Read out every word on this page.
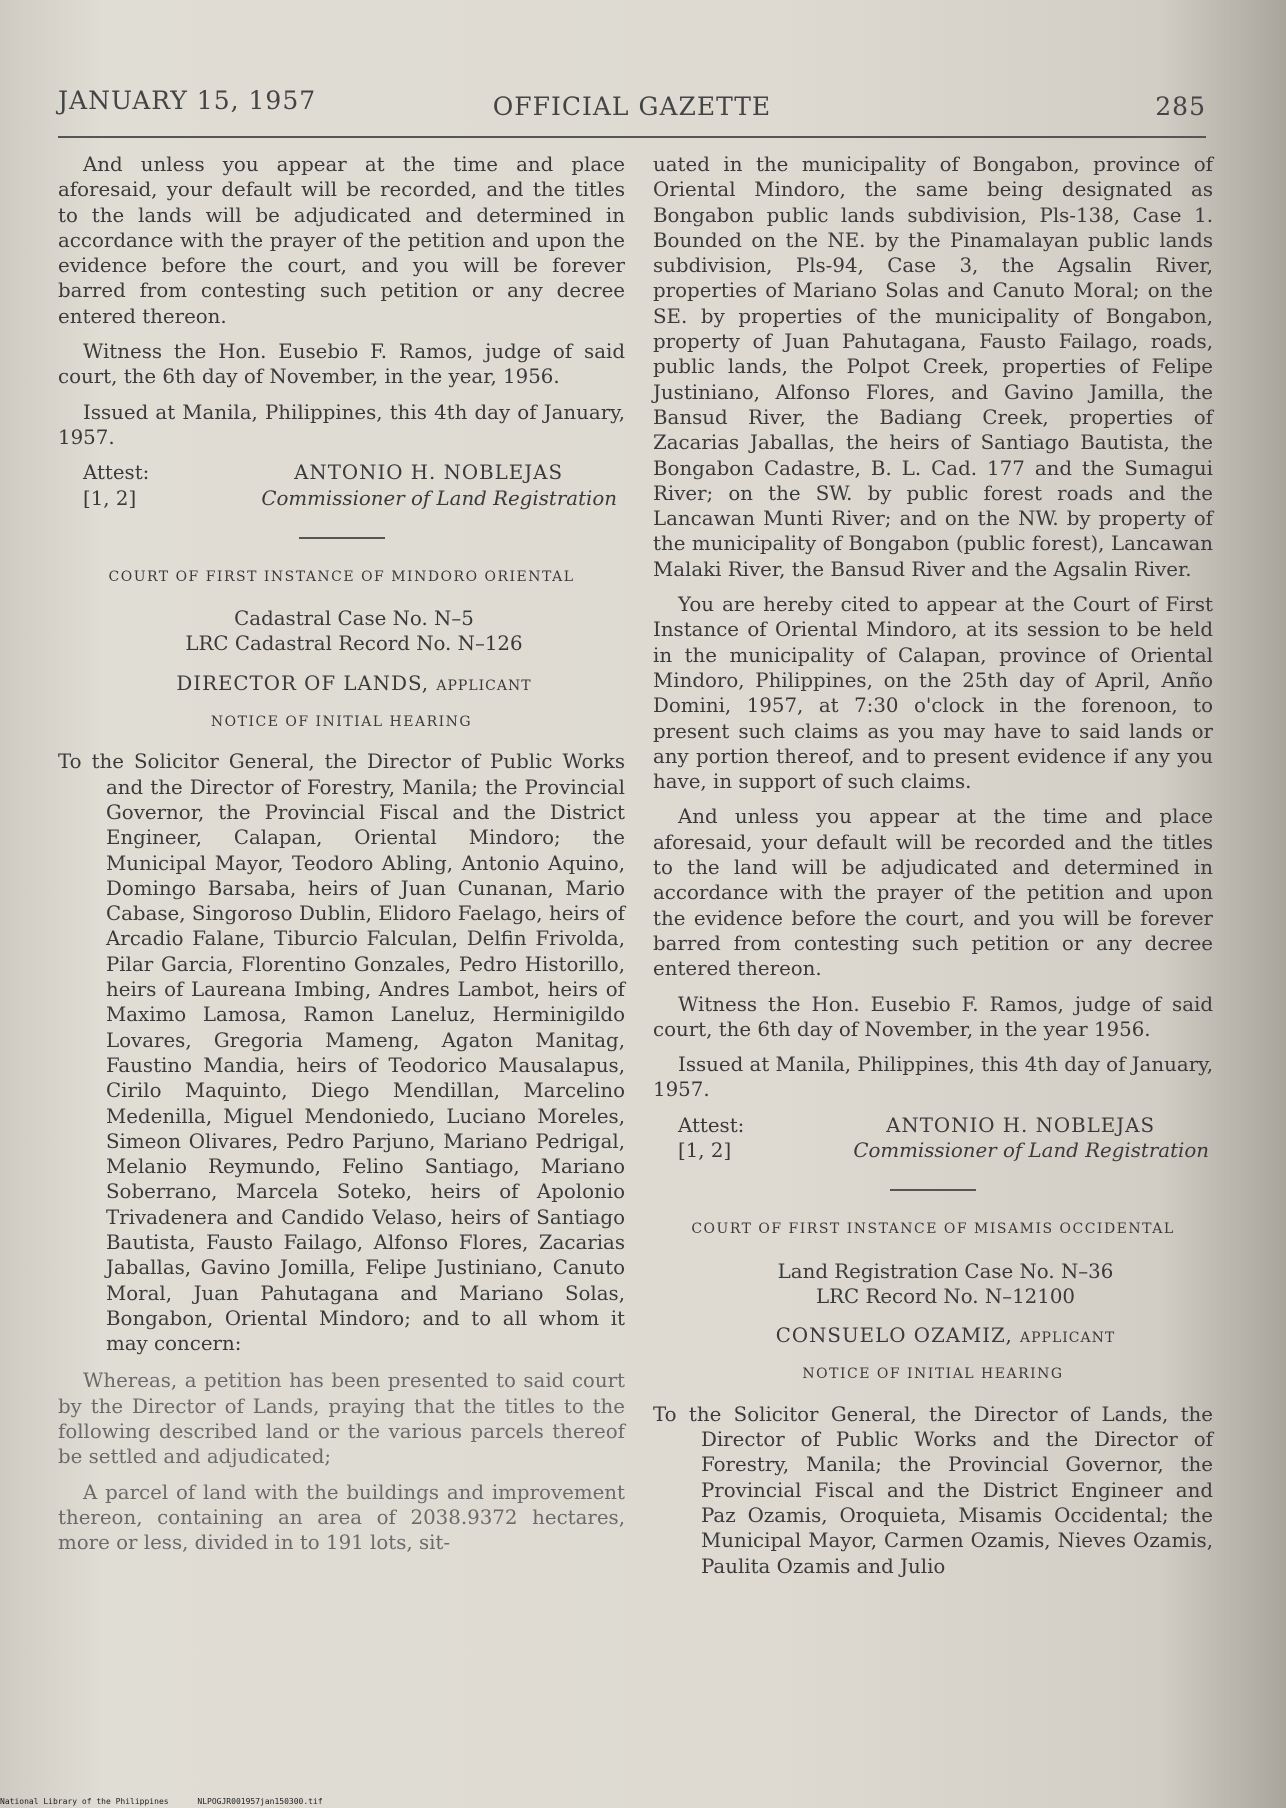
JANUARY 15, 1957	OFFICIAL GAZETTE	285

And unless you appear at the time and place aforesaid, your default will be recorded, and the titles to the lands will be adjudicated and determined in accordance with the prayer of the petition and upon the evidence before the court, and you will be forever barred from contesting such petition or any decree entered thereon.

Witness the Hon. Eusebio F. Ramos, judge of said court, the 6th day of November, in the year, 1956.

Issued at Manila, Philippines, this 4th day of January, 1957.

Attest:	ANTONIO H. NOBLEJAS
[1, 2]	Commissioner of Land Registration
COURT OF FIRST INSTANCE OF MINDORO ORIENTAL

Cadastral Case No. N–5

LRC Cadastral Record No. N–126

DIRECTOR OF LANDS, applicant

NOTICE OF INITIAL HEARING

To the Solicitor General, the Director of Public Works and the Director of Forestry, Manila; the Provincial Governor, the Provincial Fiscal and the District Engineer, Calapan, Oriental Mindoro; the Municipal Mayor, Teodoro Abling, Antonio Aquino, Domingo Barsaba, heirs of Juan Cunanan, Mario Cabase, Singoroso Dublin, Elidoro Faelago, heirs of Arcadio Falane, Tiburcio Falculan, Delfin Frivolda, Pilar Garcia, Florentino Gonzales, Pedro Historillo, heirs of Laureana Imbing, Andres Lambot, heirs of Maximo Lamosa, Ramon Laneluz, Herminigildo Lovares, Gregoria Mameng, Agaton Manitag, Faustino Mandia, heirs of Teodorico Mausalapus, Cirilo Maquinto, Diego Mendillan, Marcelino Medenilla, Miguel Mendoniedo, Luciano Moreles, Simeon Olivares, Pedro Parjuno, Mariano Pedrigal, Melanio Reymundo, Felino Santiago, Mariano Soberrano, Marcela Soteko, heirs of Apolonio Trivadenera and Candido Velaso, heirs of Santiago Bautista, Fausto Failago, Alfonso Flores, Zacarias Jaballas, Gavino Jomilla, Felipe Justiniano, Canuto Moral, Juan Pahutagana and Mariano Solas, Bongabon, Oriental Mindoro; and to all whom it may concern:

Whereas, a petition has been presented to said court by the Director of Lands, praying that the titles to the following described land or the various parcels thereof be settled and adjudicated;

A parcel of land with the buildings and improvement thereon, containing an area of 2038.9372 hectares, more or less, divided in to 191 lots, sit-

uated in the municipality of Bongabon, province of Oriental Mindoro, the same being designated as Bongabon public lands subdivision, Pls-138, Case 1. Bounded on the NE. by the Pinamalayan public lands subdivision, Pls-94, Case 3, the Agsalin River, properties of Mariano Solas and Canuto Moral; on the SE. by properties of the municipality of Bongabon, property of Juan Pahutagana, Fausto Failago, roads, public lands, the Polpot Creek, properties of Felipe Justiniano, Alfonso Flores, and Gavino Jamilla, the Bansud River, the Badiang Creek, properties of Zacarias Jaballas, the heirs of Santiago Bautista, the Bongabon Cadastre, B. L. Cad. 177 and the Sumagui River; on the SW. by public forest roads and the Lancawan Munti River; and on the NW. by property of the municipality of Bongabon (public forest), Lancawan Malaki River, the Bansud River and the Agsalin River.

You are hereby cited to appear at the Court of First Instance of Oriental Mindoro, at its session to be held in the municipality of Calapan, province of Oriental Mindoro, Philippines, on the 25th day of April, Anño Domini, 1957, at 7:30 o'clock in the forenoon, to present such claims as you may have to said lands or any portion thereof, and to present evidence if any you have, in support of such claims.

And unless you appear at the time and place aforesaid, your default will be recorded and the titles to the land will be adjudicated and determined in accordance with the prayer of the petition and upon the evidence before the court, and you will be forever barred from contesting such petition or any decree entered thereon.

Witness the Hon. Eusebio F. Ramos, judge of said court, the 6th day of November, in the year 1956.

Issued at Manila, Philippines, this 4th day of January, 1957.

Attest:	ANTONIO H. NOBLEJAS
[1, 2]	Commissioner of Land Registration
COURT OF FIRST INSTANCE OF MISAMIS OCCIDENTAL

Land Registration Case No. N–36

LRC Record No. N–12100

CONSUELO OZAMIZ, applicant

NOTICE OF INITIAL HEARING

To the Solicitor General, the Director of Lands, the Director of Public Works and the Director of Forestry, Manila; the Provincial Governor, the Provincial Fiscal and the District Engineer and Paz Ozamis, Oroquieta, Misamis Occidental; the Municipal Mayor, Carmen Ozamis, Nieves Ozamis, Paulita Ozamis and Julio

National Library of the Philippines	NLPOGJR001957jan150300.tif
